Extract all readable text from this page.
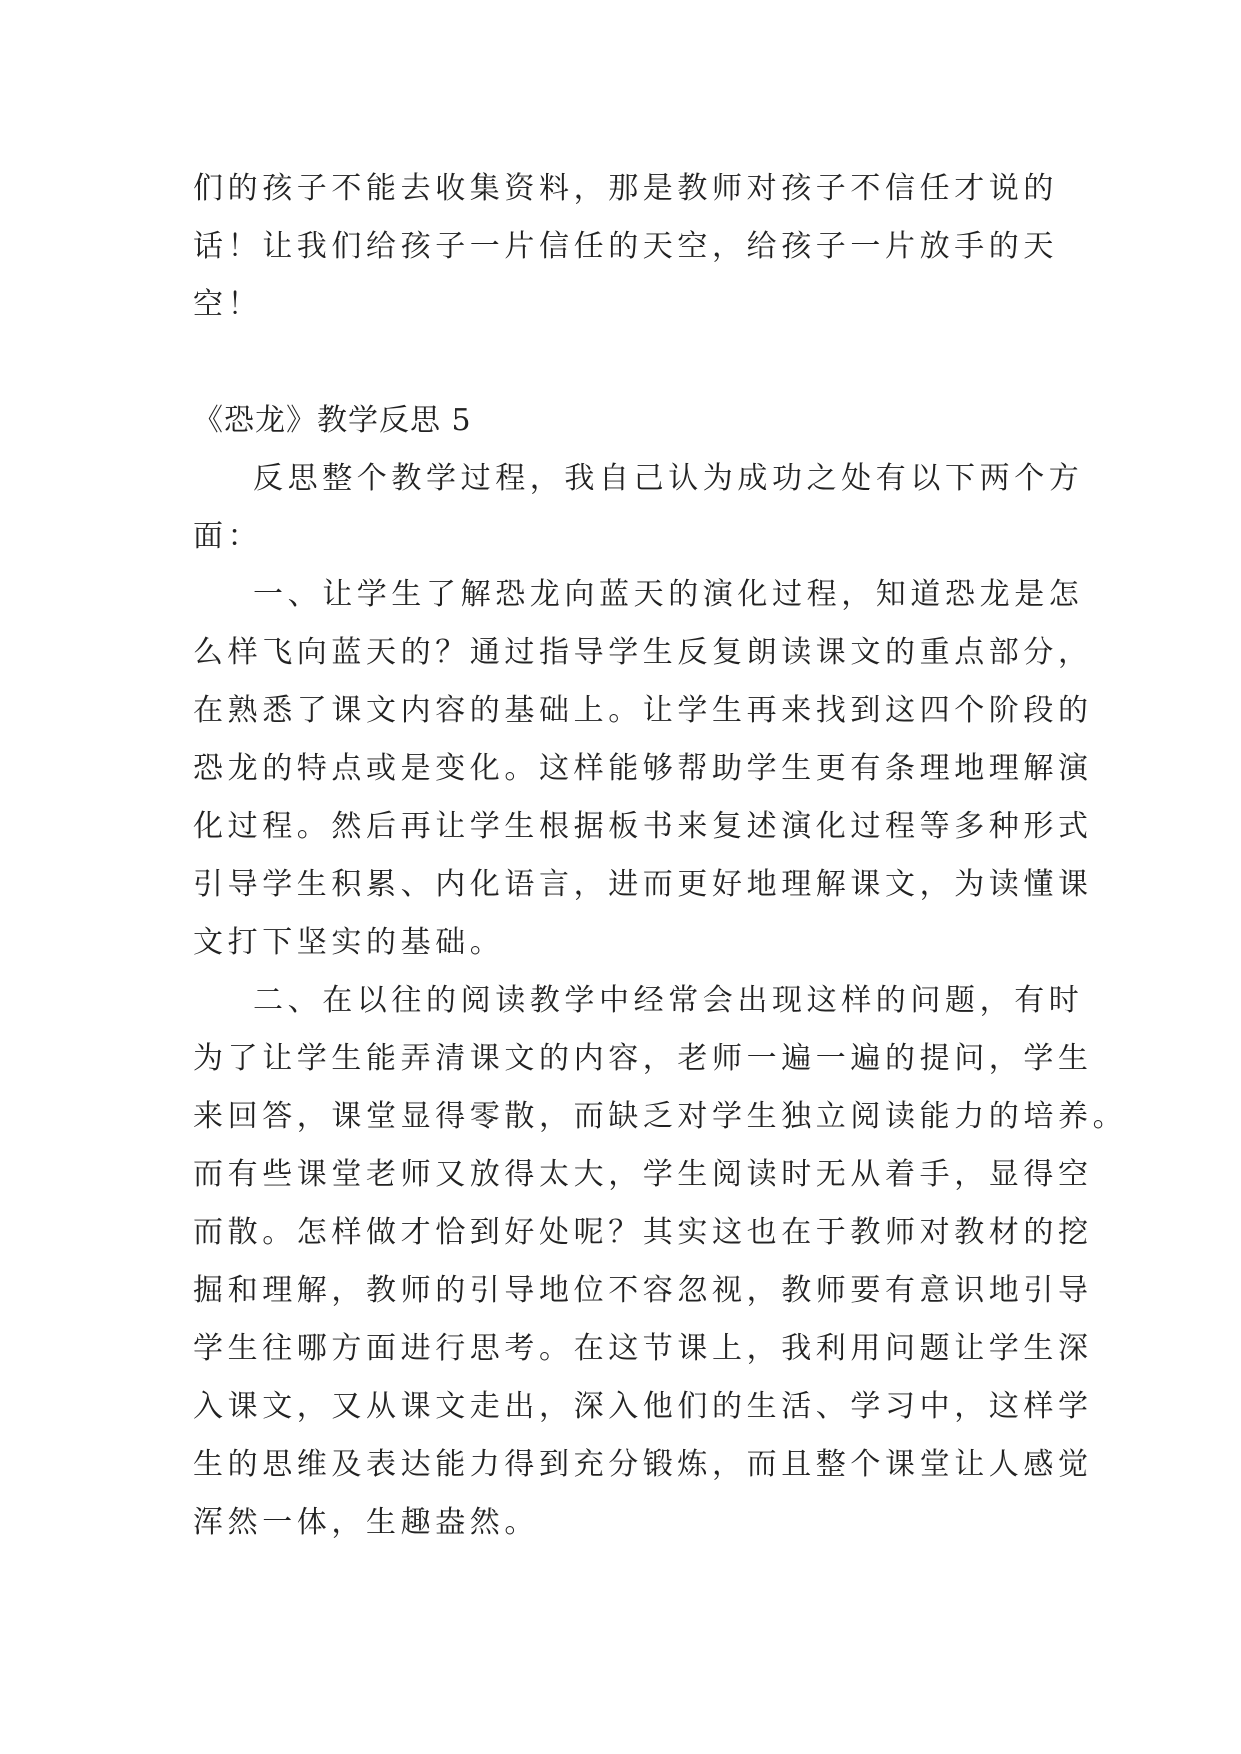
们的孩子不能去收集资料，那是教师对孩子不信任才说的
话！让我们给孩子一片信任的天空，给孩子一片放手的天
空！
《恐龙》教学反思 5
反思整个教学过程，我自己认为成功之处有以下两个方
面：
一、让学生了解恐龙向蓝天的演化过程，知道恐龙是怎
么样飞向蓝天的？通过指导学生反复朗读课文的重点部分，
在熟悉了课文内容的基础上。让学生再来找到这四个阶段的
恐龙的特点或是变化。这样能够帮助学生更有条理地理解演
化过程。然后再让学生根据板书来复述演化过程等多种形式
引导学生积累、内化语言，进而更好地理解课文，为读懂课
文打下坚实的基础。
二、在以往的阅读教学中经常会出现这样的问题，有时
为了让学生能弄清课文的内容，老师一遍一遍的提问，学生
来回答，课堂显得零散，而缺乏对学生独立阅读能力的培养。
而有些课堂老师又放得太大，学生阅读时无从着手，显得空
而散。怎样做才恰到好处呢？其实这也在于教师对教材的挖
掘和理解，教师的引导地位不容忽视，教师要有意识地引导
学生往哪方面进行思考。在这节课上，我利用问题让学生深
入课文，又从课文走出，深入他们的生活、学习中，这样学
生的思维及表达能力得到充分锻炼，而且整个课堂让人感觉
浑然一体，生趣盎然。
